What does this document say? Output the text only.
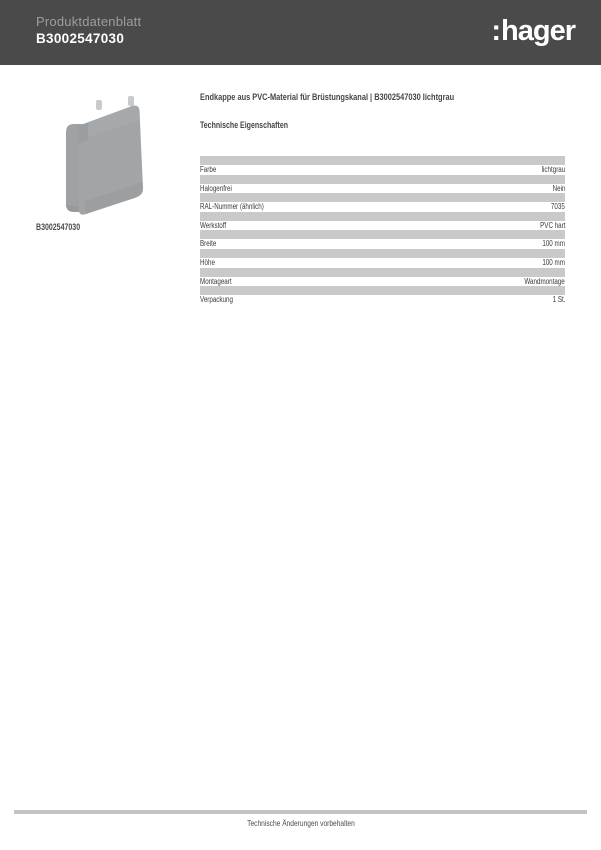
Produktdatenblatt
B3002547030	:hager
B3002547030
Endkappe aus PVC-Material für Brüstungskanal | B3002547030 lichtgrau
Technische Eigenschaften
Farbe	lichtgrau
Halogenfrei	Nein
RAL-Nummer (ähnlich)	7035
Werkstoff	PVC hart
Breite	100 mm
Höhe	100 mm
Montageart	Wandmontage
Verpackung	1 St.
Technische Änderungen vorbehalten
